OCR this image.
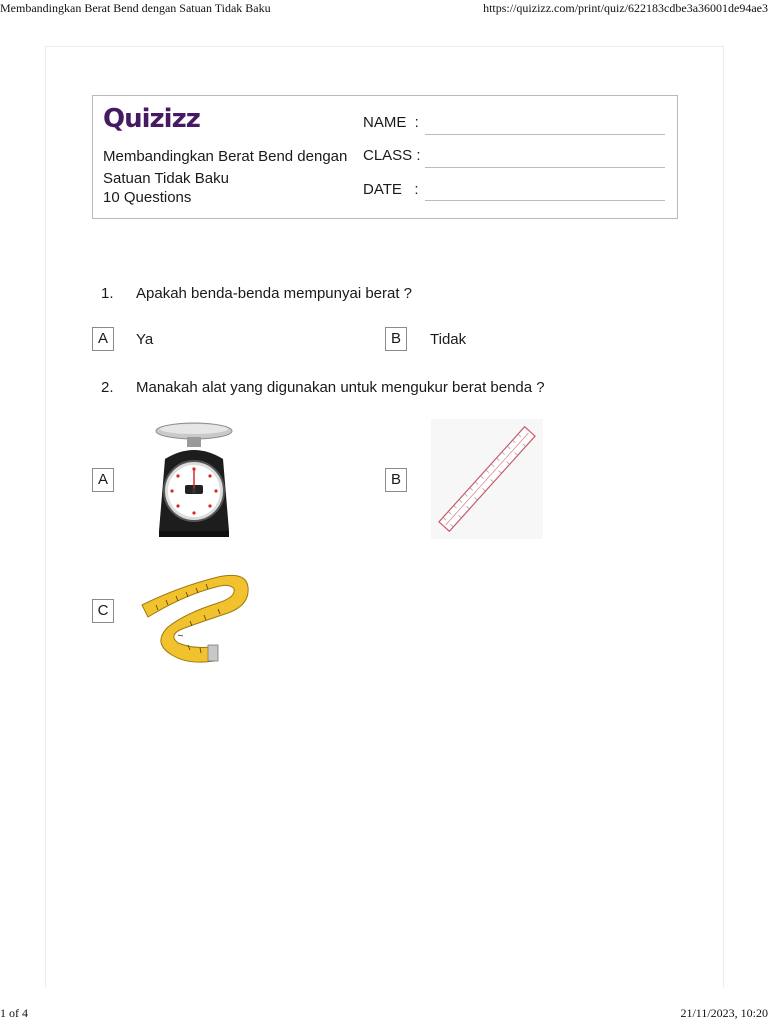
Membandingkan Berat Bend dengan Satuan Tidak Baku	https://quizizz.com/print/quiz/622183cdbe3a36001de94ae3
Quizizz
Membandingkan Berat Bend dengan Satuan Tidak Baku
10 Questions
NAME  :
CLASS :
DATE   :
1. Apakah benda-benda mempunyai berat ?
A	Ya	B	Tidak
2. Manakah alat yang digunakan untuk mengukur berat benda ?
A	B
C
1 of 4	21/11/2023, 10:20
